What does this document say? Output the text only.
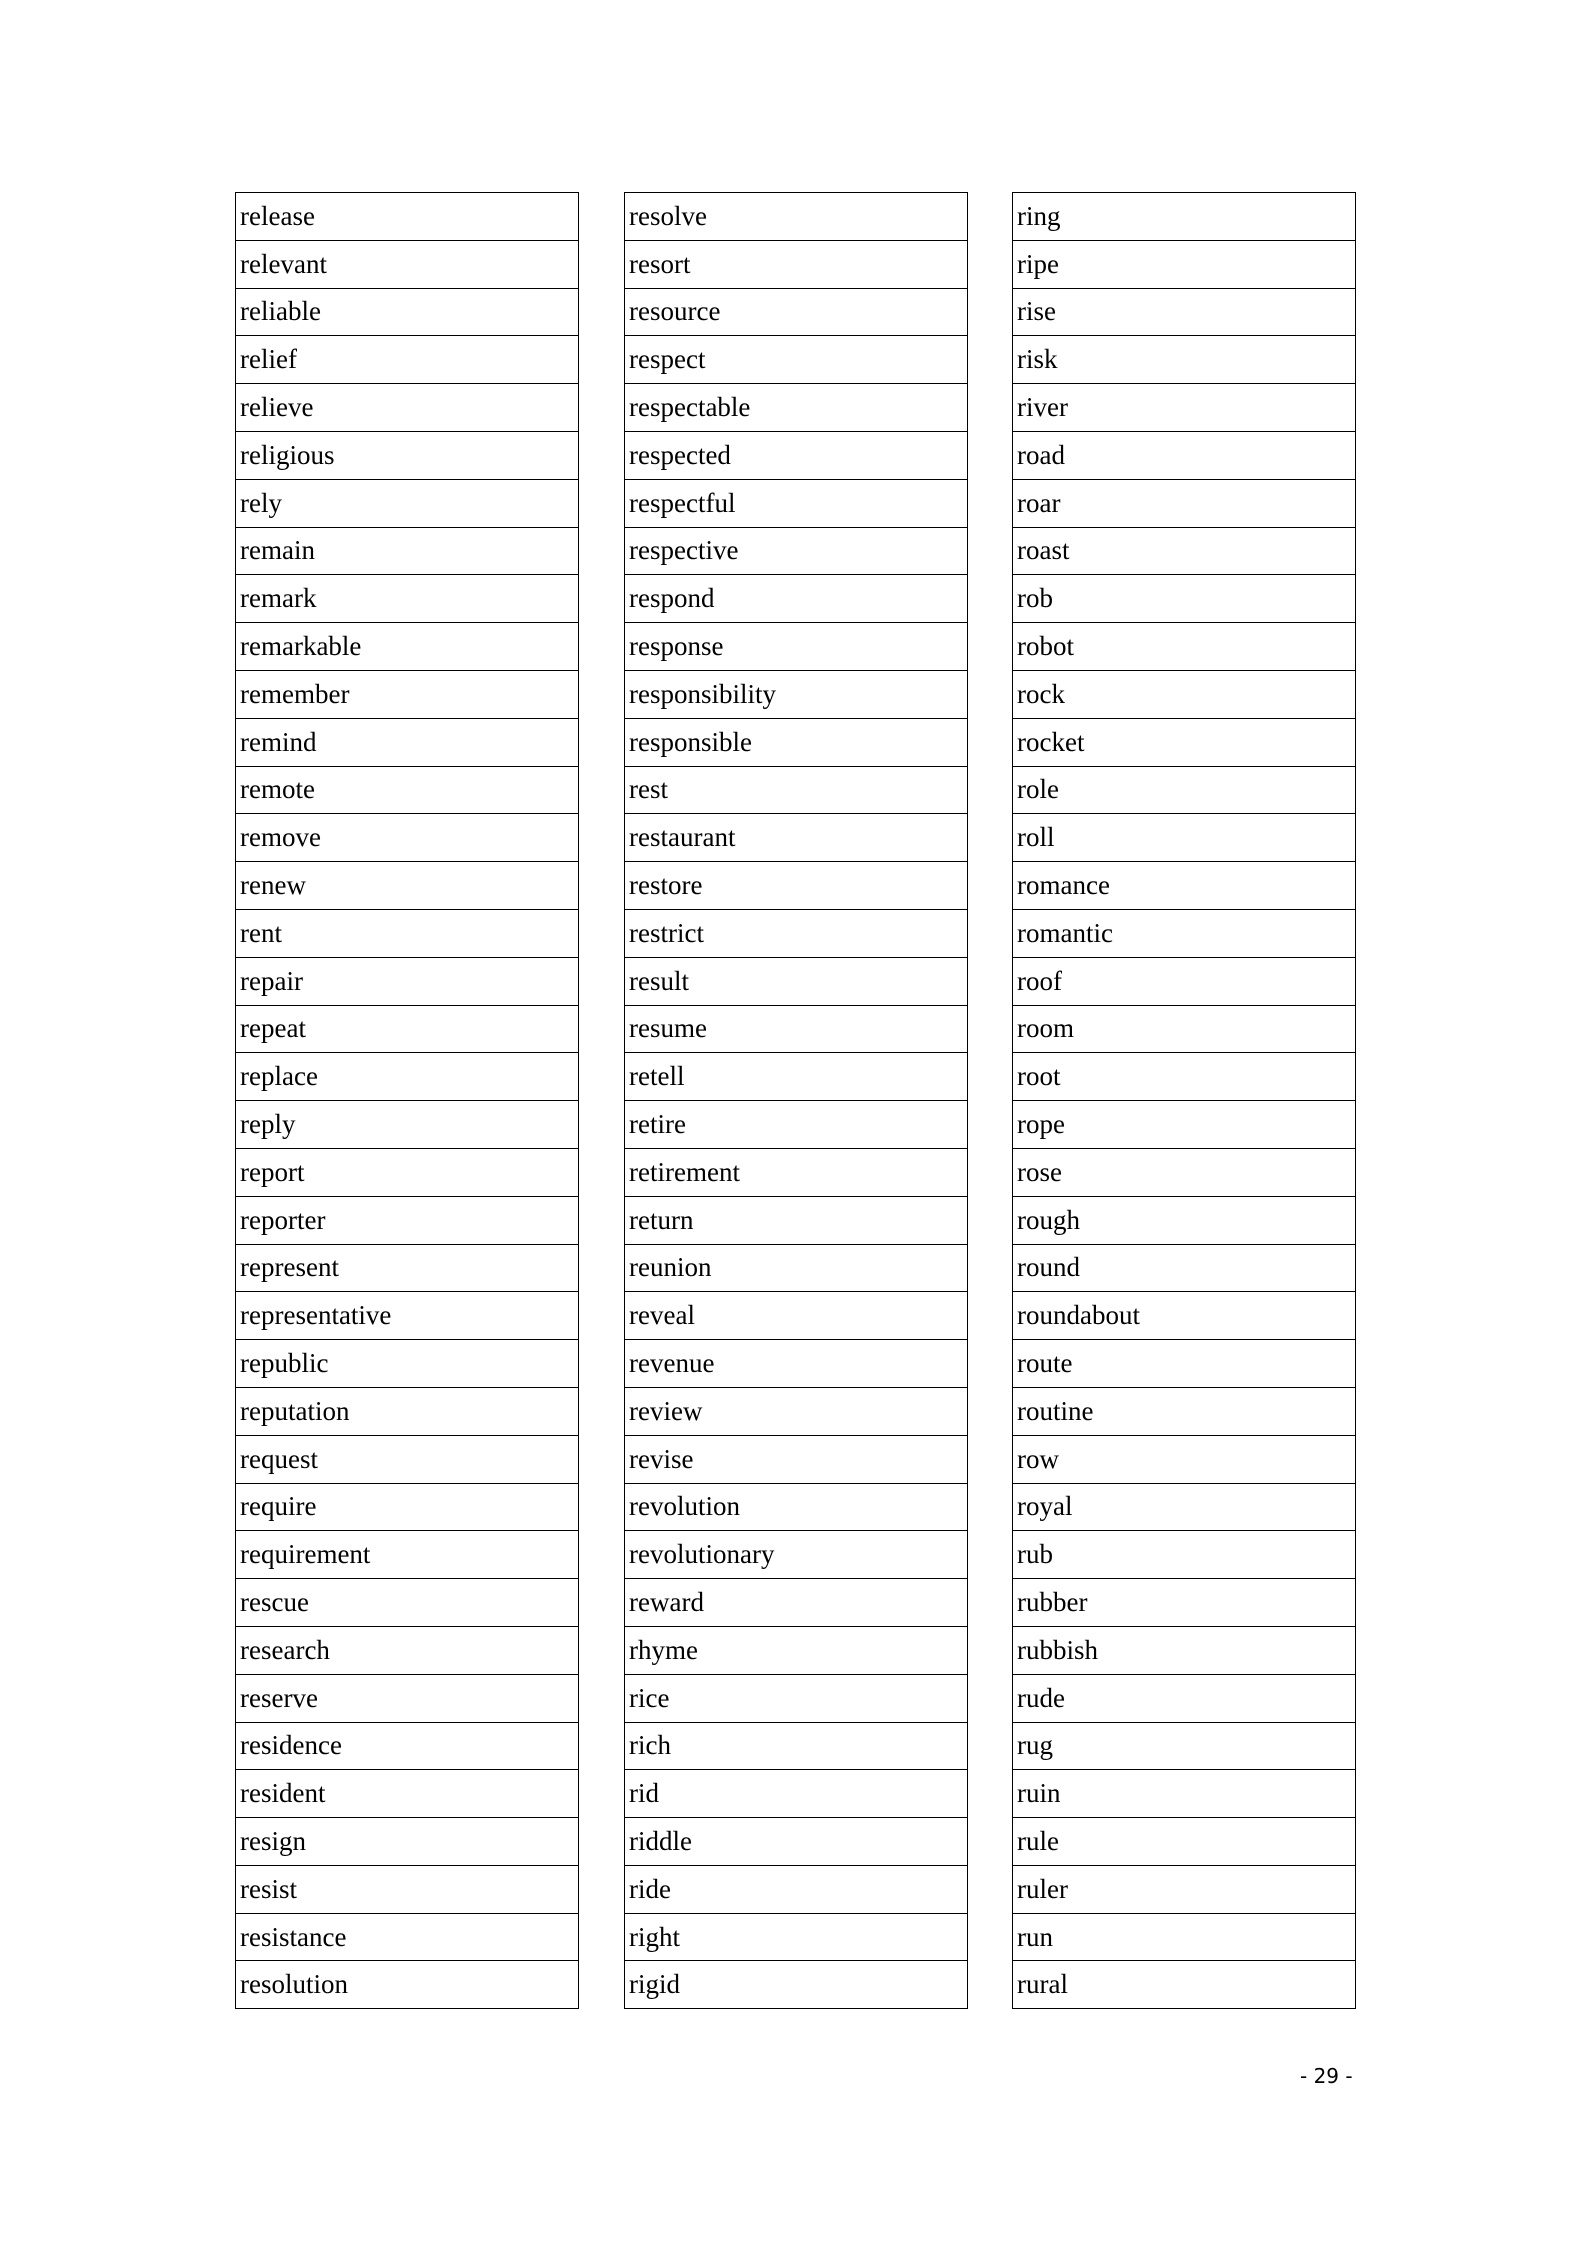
release
relevant
reliable
relief
relieve
religious
rely
remain
remark
remarkable
remember
remind
remote
remove
renew
rent
repair
repeat
replace
reply
report
reporter
represent
representative
republic
reputation
request
require
requirement
rescue
research
reserve
residence
resident
resign
resist
resistance
resolution
resolve
resort
resource
respect
respectable
respected
respectful
respective
respond
response
responsibility
responsible
rest
restaurant
restore
restrict
result
resume
retell
retire
retirement
return
reunion
reveal
revenue
review
revise
revolution
revolutionary
reward
rhyme
rice
rich
rid
riddle
ride
right
rigid
ring
ripe
rise
risk
river
road
roar
roast
rob
robot
rock
rocket
role
roll
romance
romantic
roof
room
root
rope
rose
rough
round
roundabout
route
routine
row
royal
rub
rubber
rubbish
rude
rug
ruin
rule
ruler
run
rural
- 29 -
